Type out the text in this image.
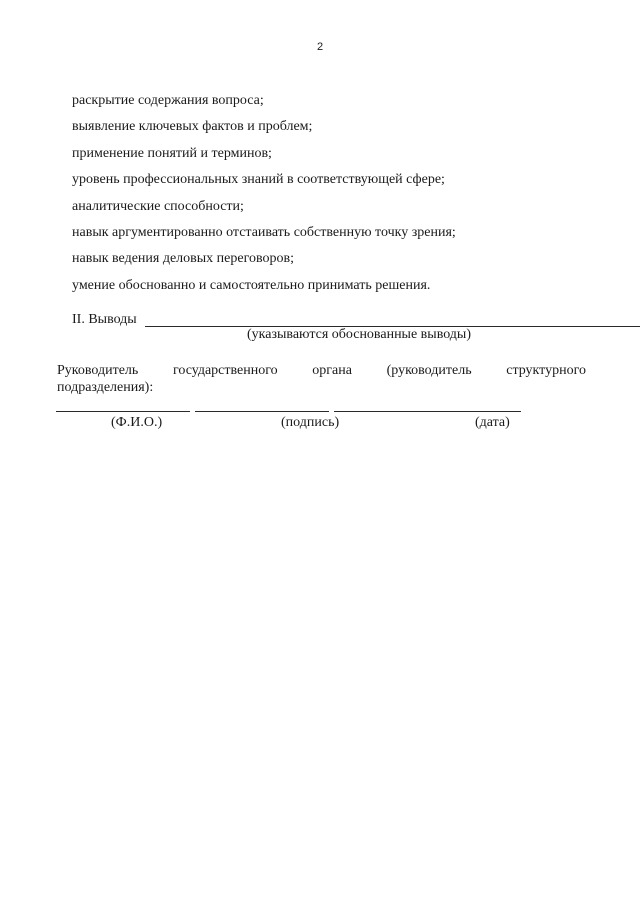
2
раскрытие содержания вопроса;
выявление ключевых фактов и проблем;
применение понятий и терминов;
уровень профессиональных знаний в соответствующей сфере;
аналитические способности;
навык аргументированно отстаивать собственную точку зрения;
навык ведения деловых переговоров;
умение обоснованно и самостоятельно принимать решения.
II. Выводы
(указываются обоснованные выводы)
Руководитель государственного органа (руководитель структурного
подразделения):
(Ф.И.О.)	(подпись)	(дата)
